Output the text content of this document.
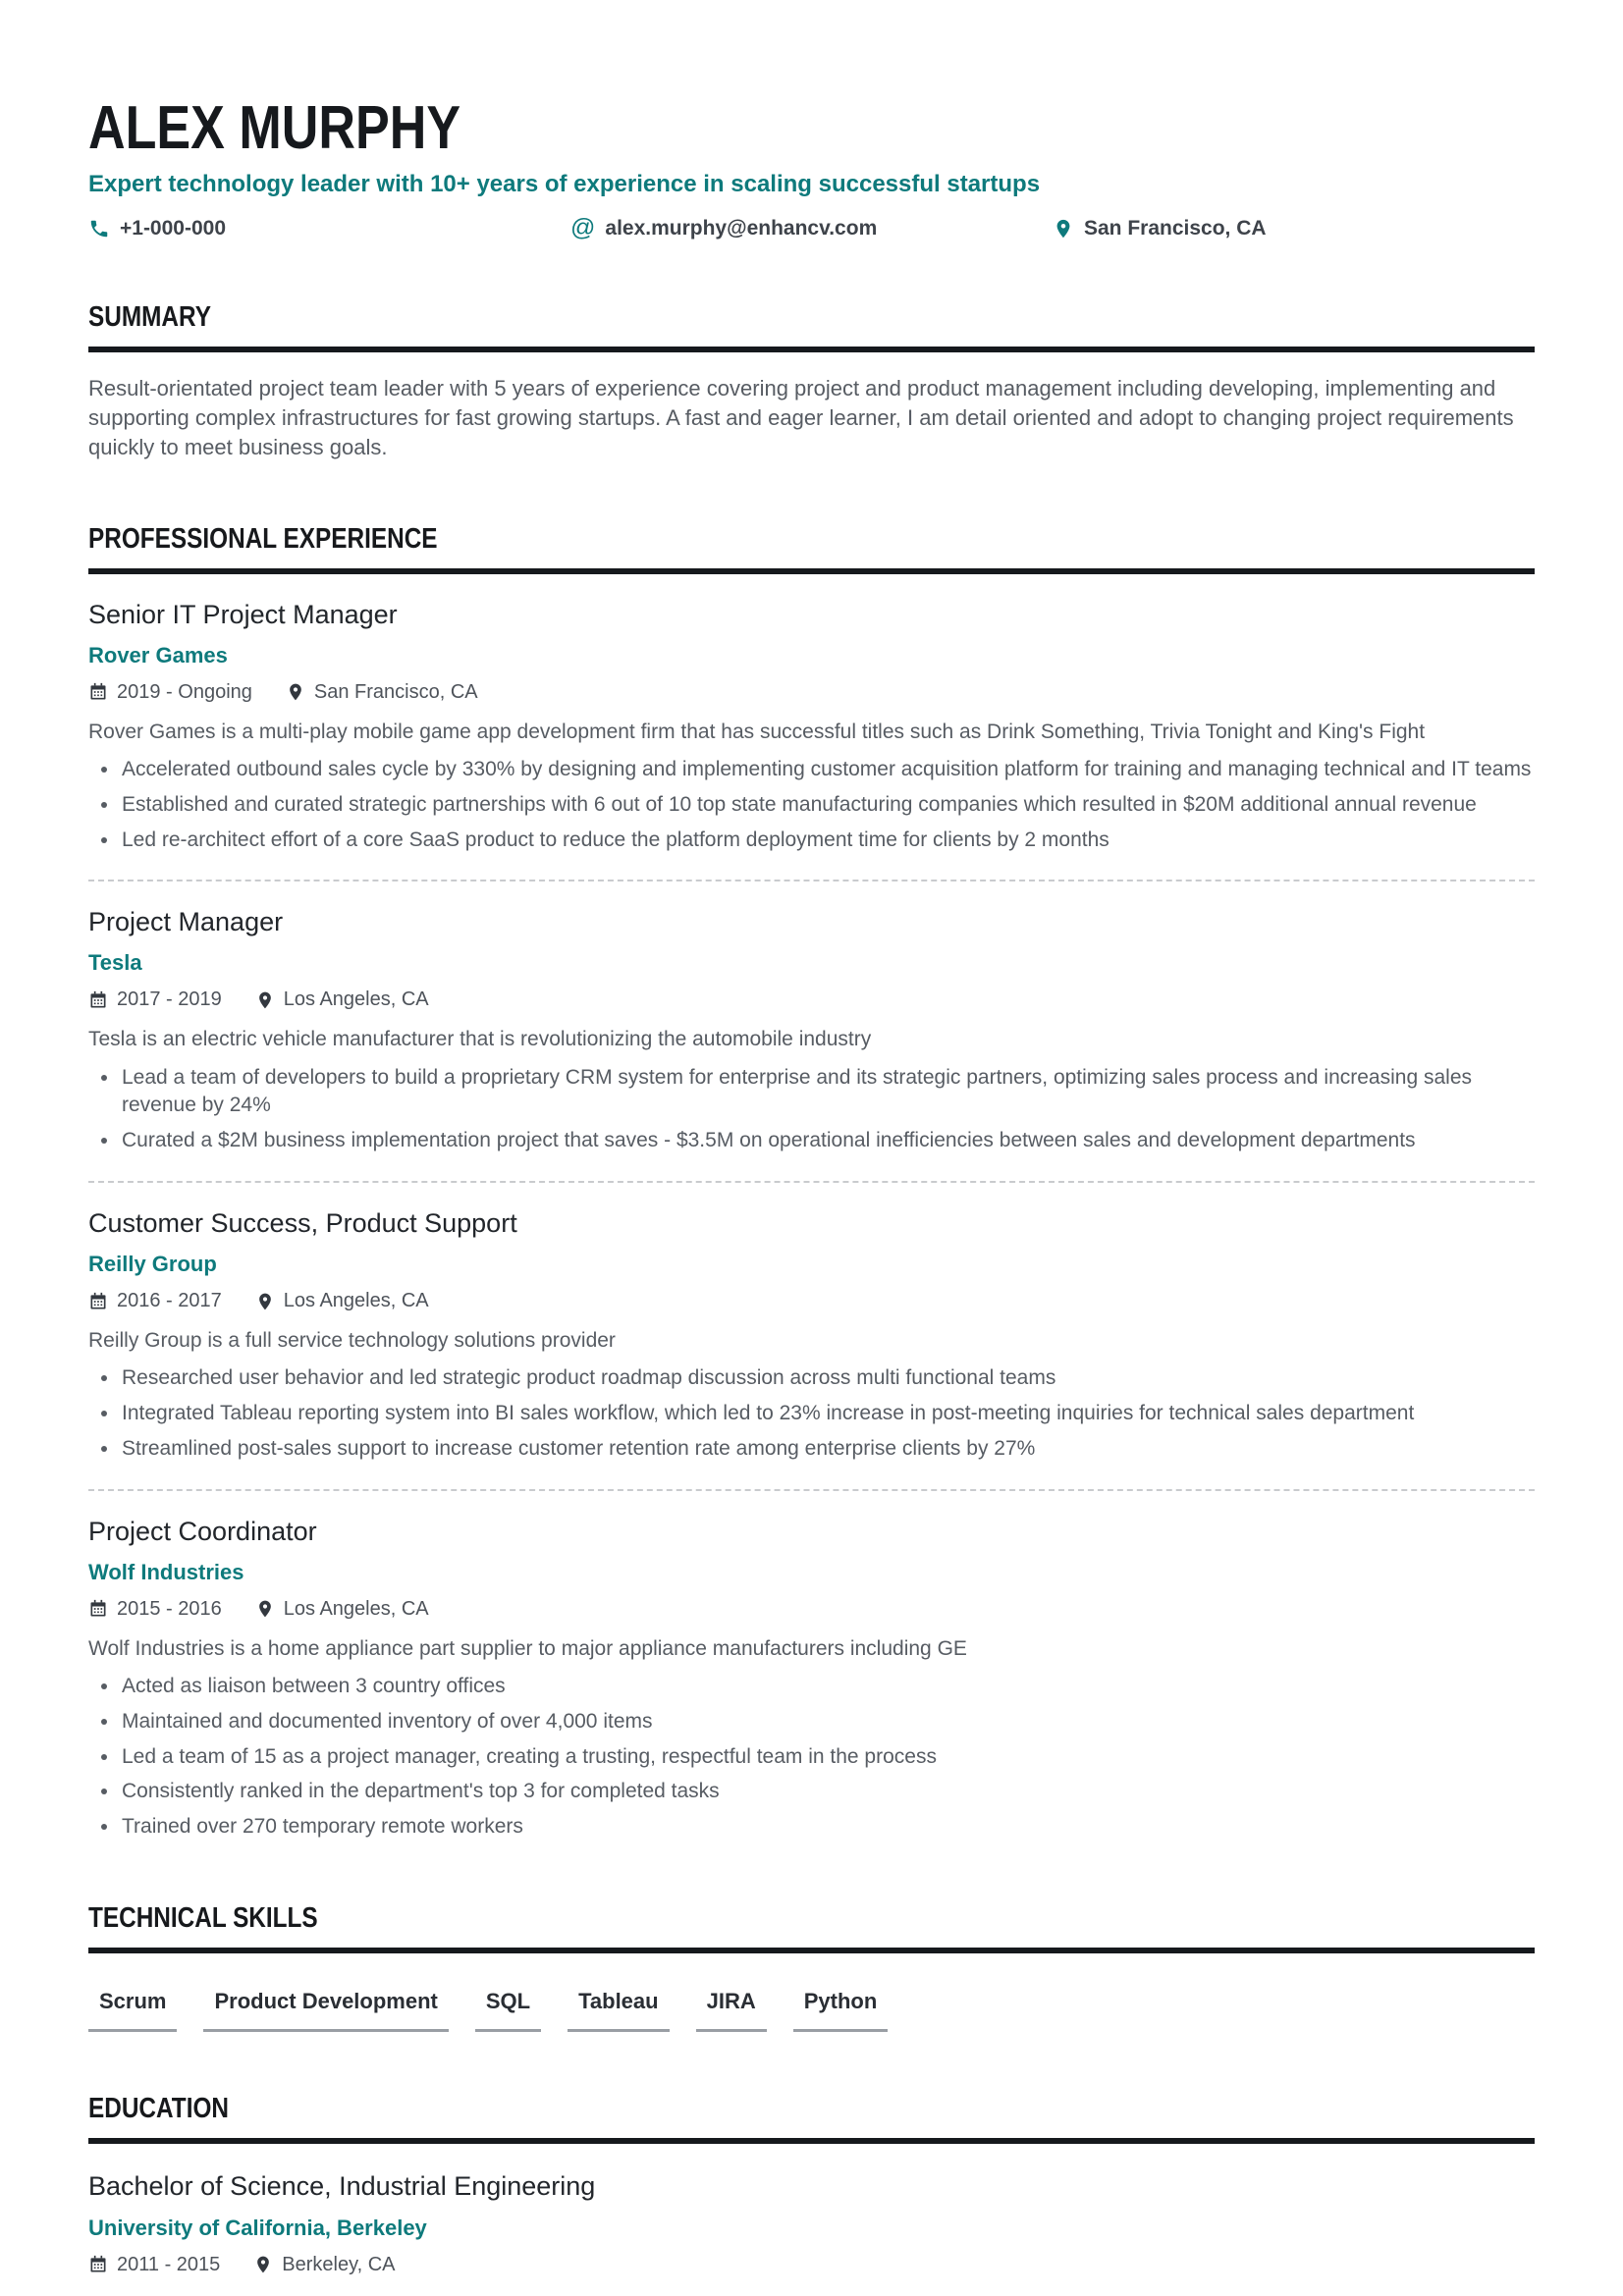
ALEX MURPHY
Expert technology leader with 10+ years of experience in scaling successful startups
+1-000-000	@ alex.murphy@enhancv.com	San Francisco, CA
SUMMARY

Result-orientated project team leader with 5 years of experience covering project and product management including developing, implementing and supporting complex infrastructures for fast growing startups. A fast and eager learner, I am detail oriented and adopt to changing project requirements quickly to meet business goals.

PROFESSIONAL EXPERIENCE
Senior IT Project Manager
Rover Games
2019 - Ongoing	San Francisco, CA
Rover Games is a multi-play mobile game app development firm that has successful titles such as Drink Something, Trivia Tonight and King's Fight
• Accelerated outbound sales cycle by 330% by designing and implementing customer acquisition platform for training and managing technical and IT teams
• Established and curated strategic partnerships with 6 out of 10 top state manufacturing companies which resulted in $20M additional annual revenue
• Led re-architect effort of a core SaaS product to reduce the platform deployment time for clients by 2 months
Project Manager
Tesla
2017 - 2019	Los Angeles, CA
Tesla is an electric vehicle manufacturer that is revolutionizing the automobile industry
• Lead a team of developers to build a proprietary CRM system for enterprise and its strategic partners, optimizing sales process and increasing sales revenue by 24%
• Curated a $2M business implementation project that saves - $3.5M on operational inefficiencies between sales and development departments
Customer Success, Product Support
Reilly Group
2016 - 2017	Los Angeles, CA
Reilly Group is a full service technology solutions provider
• Researched user behavior and led strategic product roadmap discussion across multi functional teams
• Integrated Tableau reporting system into BI sales workflow, which led to 23% increase in post-meeting inquiries for technical sales department
• Streamlined post-sales support to increase customer retention rate among enterprise clients by 27%
Project Coordinator
Wolf Industries
2015 - 2016	Los Angeles, CA
Wolf Industries is a home appliance part supplier to major appliance manufacturers including GE
• Acted as liaison between 3 country offices
• Maintained and documented inventory of over 4,000 items
• Led a team of 15 as a project manager, creating a trusting, respectful team in the process
• Consistently ranked in the department's top 3 for completed tasks
• Trained over 270 temporary remote workers
TECHNICAL SKILLS
Scrum	Product Development	SQL	Tableau	JIRA	Python
EDUCATION
Bachelor of Science, Industrial Engineering
University of California, Berkeley
2011 - 2015	Berkeley, CA
